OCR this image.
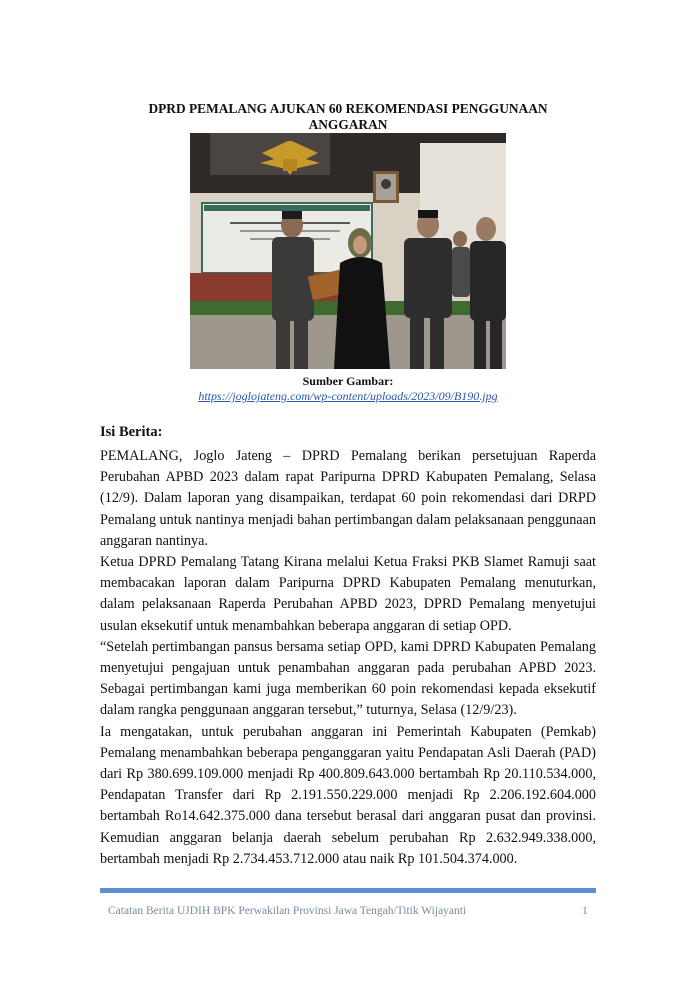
DPRD PEMALANG AJUKAN 60 REKOMENDASI PENGGUNAAN ANGGARAN
Sumber Gambar:
https://joglojateng.com/wp-content/uploads/2023/09/B190.jpg
Isi Berita:

PEMALANG, Joglo Jateng – DPRD Pemalang berikan persetujuan Raperda Perubahan APBD 2023 dalam rapat Paripurna DPRD Kabupaten Pemalang, Selasa (12/9). Dalam laporan yang disampaikan, terdapat 60 poin rekomendasi dari DRPD Pemalang untuk nantinya menjadi bahan pertimbangan dalam pelaksanaan penggunaan anggaran nantinya.

Ketua DPRD Pemalang Tatang Kirana melalui Ketua Fraksi PKB Slamet Ramuji saat membacakan laporan dalam Paripurna DPRD Kabupaten Pemalang menuturkan, dalam pelaksanaan Raperda Perubahan APBD 2023, DPRD Pemalang menyetujui usulan eksekutif untuk menambahkan beberapa anggaran di setiap OPD.

“Setelah pertimbangan pansus bersama setiap OPD, kami DPRD Kabupaten Pemalang menyetujui pengajuan untuk penambahan anggaran pada perubahan APBD 2023. Sebagai pertimbangan kami juga memberikan 60 poin rekomendasi kepada eksekutif dalam rangka penggunaan anggaran tersebut,” tuturnya, Selasa (12/9/23).

Ia mengatakan, untuk perubahan anggaran ini Pemerintah Kabupaten (Pemkab) Pemalang menambahkan beberapa penganggaran yaitu Pendapatan Asli Daerah (PAD) dari Rp 380.699.109.000 menjadi Rp 400.809.643.000 bertambah Rp 20.110.534.000, Pendapatan Transfer dari Rp 2.191.550.229.000 menjadi Rp 2.206.192.604.000 bertambah Ro14.642.375.000 dana tersebut berasal dari anggaran pusat dan provinsi. Kemudian anggaran belanja daerah sebelum perubahan Rp 2.632.949.338.000, bertambah menjadi Rp 2.734.453.712.000 atau naik Rp 101.504.374.000.

Catatan Berita UJDIH BPK Perwakilan Provinsi Jawa Tengah/Titik Wijayanti	1
